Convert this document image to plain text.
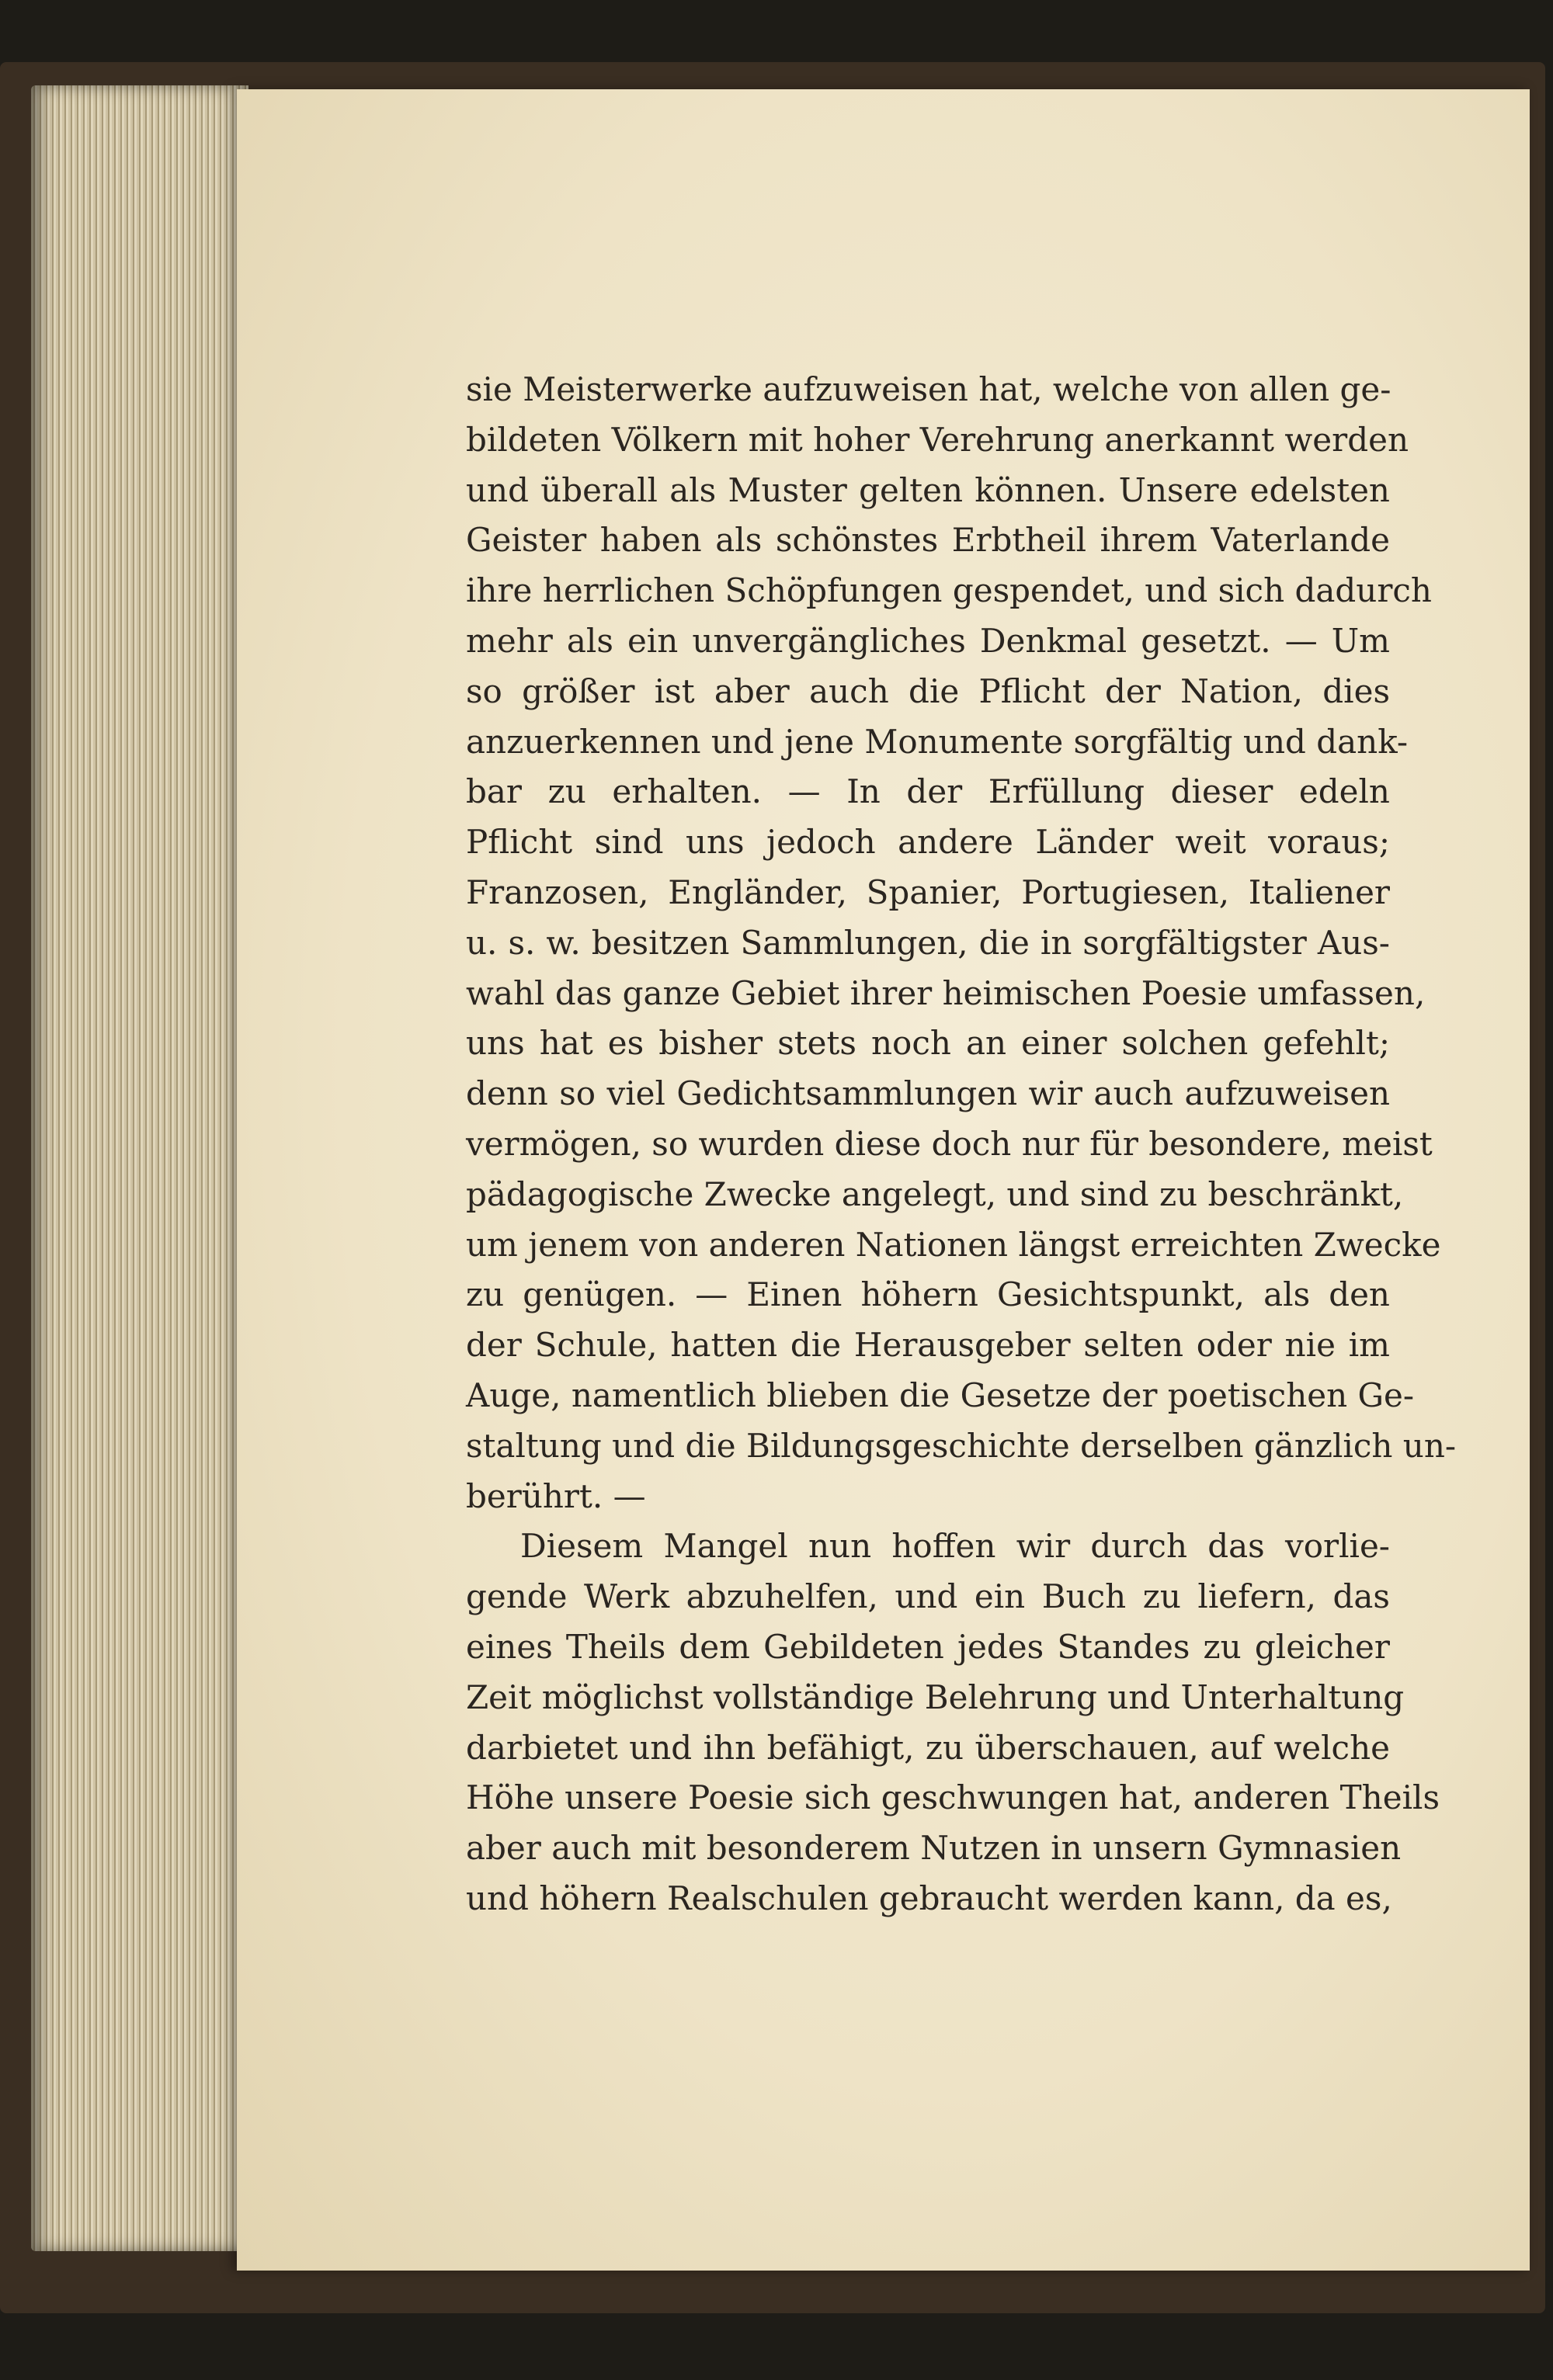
sie Meisterwerke aufzuweisen hat, welche von allen ge-
bildeten Völkern mit hoher Verehrung anerkannt werden
und überall als Muster gelten können. Unsere edelsten
Geister haben als schönstes Erbtheil ihrem Vaterlande
ihre herrlichen Schöpfungen gespendet, und sich dadurch
mehr als ein unvergängliches Denkmal gesetzt. — Um
so größer ist aber auch die Pflicht der Nation, dies
anzuerkennen und jene Monumente sorgfältig und dank-
bar zu erhalten. — In der Erfüllung dieser edeln
Pflicht sind uns jedoch andere Länder weit voraus;
Franzosen, Engländer, Spanier, Portugiesen, Italiener
u. s. w. besitzen Sammlungen, die in sorgfältigster Aus-
wahl das ganze Gebiet ihrer heimischen Poesie umfassen,
uns hat es bisher stets noch an einer solchen gefehlt;
denn so viel Gedichtsammlungen wir auch aufzuweisen
vermögen, so wurden diese doch nur für besondere, meist
pädagogische Zwecke angelegt, und sind zu beschränkt,
um jenem von anderen Nationen längst erreichten Zwecke
zu genügen. — Einen höhern Gesichtspunkt, als den
der Schule, hatten die Herausgeber selten oder nie im
Auge, namentlich blieben die Gesetze der poetischen Ge-
staltung und die Bildungsgeschichte derselben gänzlich un-
berührt. —
Diesem Mangel nun hoffen wir durch das vorlie-
gende Werk abzuhelfen, und ein Buch zu liefern, das
eines Theils dem Gebildeten jedes Standes zu gleicher
Zeit möglichst vollständige Belehrung und Unterhaltung
darbietet und ihn befähigt, zu überschauen, auf welche
Höhe unsere Poesie sich geschwungen hat, anderen Theils
aber auch mit besonderem Nutzen in unsern Gymnasien
und höhern Realschulen gebraucht werden kann, da es,
